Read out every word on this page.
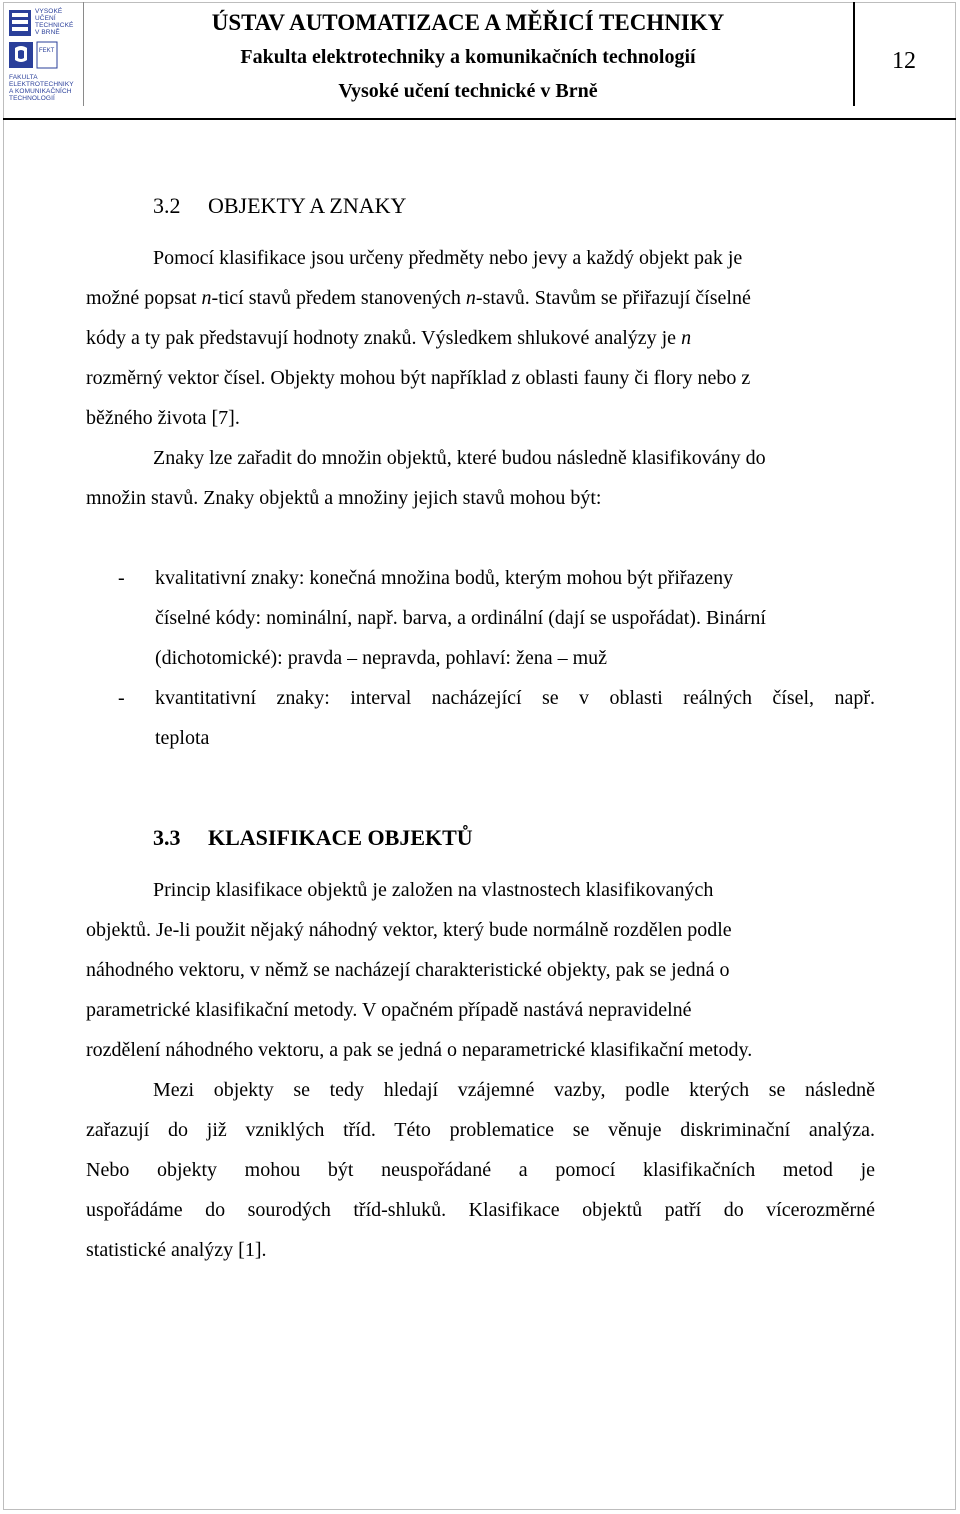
FEKT
VYSOKÉ
UČENÍ
TECHNICKÉ
V BRNĚ
FAKULTA
ELEKTROTECHNIKY
A KOMUNIKAČNÍCH
TECHNOLOGIÍ
ÚSTAV AUTOMATIZACE A MĚŘICÍ TECHNIKY
Fakulta elektrotechniky a komunikačních technologií
Vysoké učení technické v Brně
12
3.2 OBJEKTY A ZNAKY
Pomocí klasifikace jsou určeny předměty nebo jevy a každý objekt pak je
možné popsat n-ticí stavů předem stanovených n-stavů. Stavům se přiřazují číselné
kódy a ty pak představují hodnoty znaků. Výsledkem shlukové analýzy je n
rozměrný vektor čísel. Objekty mohou být například z oblasti fauny či flory nebo z
běžného života [7].
Znaky lze zařadit do množin objektů, které budou následně klasifikovány do
množin stavů. Znaky objektů a množiny jejich stavů mohou být:
- kvalitativní znaky: konečná množina bodů, kterým mohou být přiřazeny
číselné kódy: nominální, např. barva, a ordinální (dají se uspořádat). Binární
(dichotomické): pravda – nepravda, pohlaví: žena – muž
- kvantitativní znaky: interval nacházející se v oblasti reálných čísel, např.
teplota
3.3 KLASIFIKACE OBJEKTŮ
Princip klasifikace objektů je založen na vlastnostech klasifikovaných
objektů. Je-li použit nějaký náhodný vektor, který bude normálně rozdělen podle
náhodného vektoru, v němž se nacházejí charakteristické objekty, pak se jedná o
parametrické klasifikační metody. V opačném případě nastává nepravidelné
rozdělení náhodného vektoru, a pak se jedná o neparametrické klasifikační metody.
Mezi objekty se tedy hledají vzájemné vazby, podle kterých se následně
zařazují do již vzniklých tříd. Této problematice se věnuje diskriminační analýza.
Nebo objekty mohou být neuspořádané a pomocí klasifikačních metod je
uspořádáme do sourodých tříd-shluků. Klasifikace objektů patří do vícerozměrné
statistické analýzy [1].
